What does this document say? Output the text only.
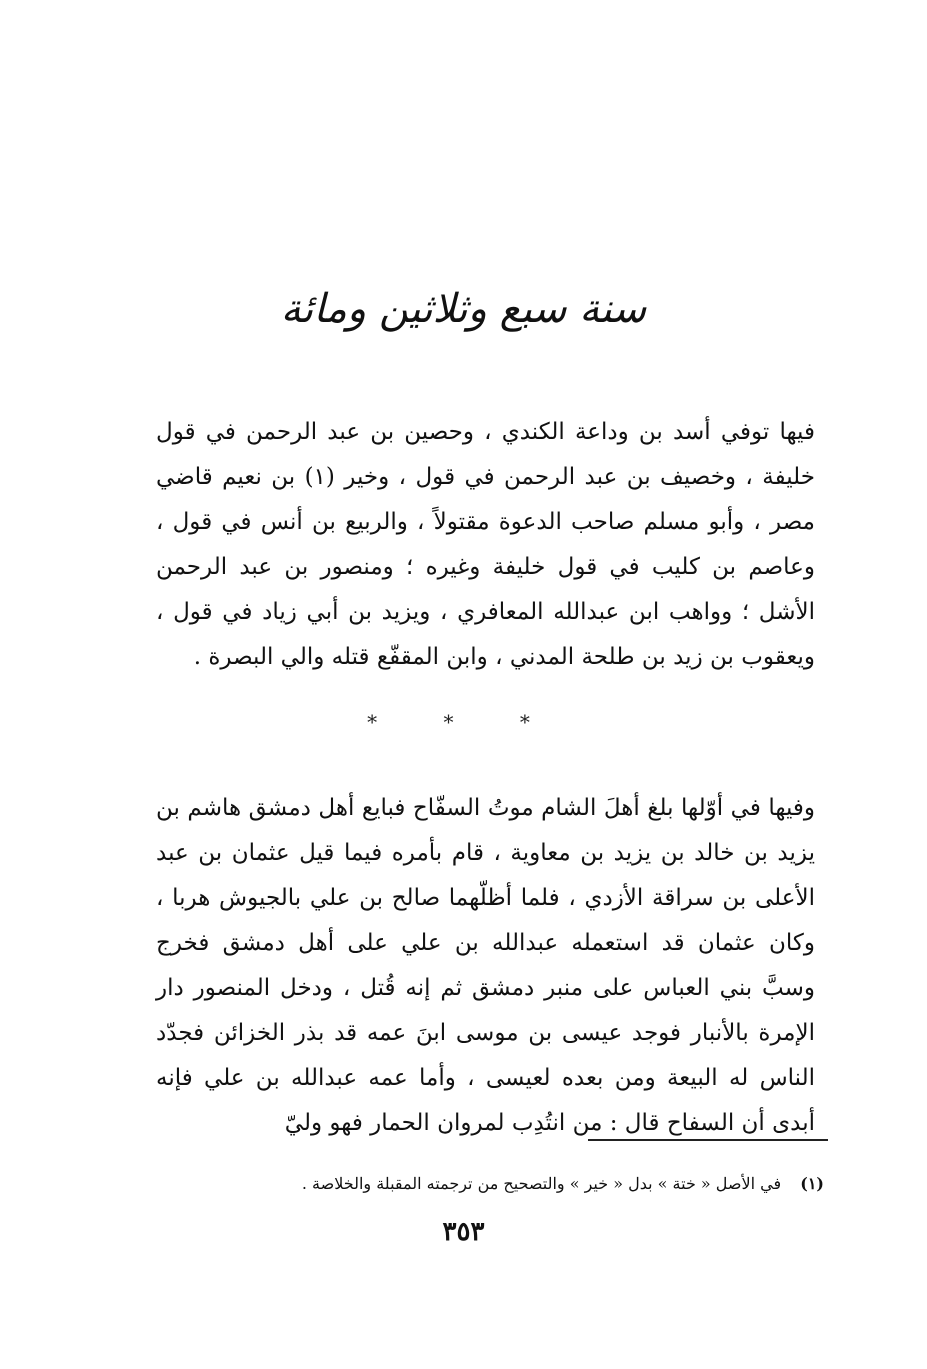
سنة سبع وثلاثين ومائة

فيها توفي أسد بن وداعة الكندي ، وحصين بن عبد الرحمن في قول خليفة ، وخصيف بن عبد الرحمن في قول ، وخير (١) بن نعيم قاضي مصر ، وأبو مسلم صاحب الدعوة مقتولاً ، والربيع بن أنس في قول ، وعاصم بن كليب في قول خليفة وغيره ؛ ومنصور بن عبد الرحمن الأشل ؛ وواهب ابن عبدالله المعافري ، ويزيد بن أبي زياد في قول ، ويعقوب بن زيد بن طلحة المدني ، وابن المقفّع قتله والي البصرة .

* * *

وفيها في أوّلها بلغ أهلَ الشام موتُ السفّاح فبايع أهل دمشق هاشم بن يزيد بن خالد بن يزيد بن معاوية ، قام بأمره فيما قيل عثمان بن عبد الأعلى بن سراقة الأزدي ، فلما أظلّهما صالح بن علي بالجيوش هربا ، وكان عثمان قد استعمله عبدالله بن علي على أهل دمشق فخرج وسبَّ بني العباس على منبر دمشق ثم إنه قُتل ، ودخل المنصور دار الإمرة بالأنبار فوجد عيسى بن موسى ابنَ عمه قد بذر الخزائن فجدّد الناس له البيعة ومن بعده لعيسى ، وأما عمه عبدالله بن علي فإنه أبدى أن السفاح قال : من انتُدِب لمروان الحمار فهو وليّ

(١) في الأصل « ختة » بدل « خير » والتصحيح من ترجمته المقبلة والخلاصة .
٣٥٣
